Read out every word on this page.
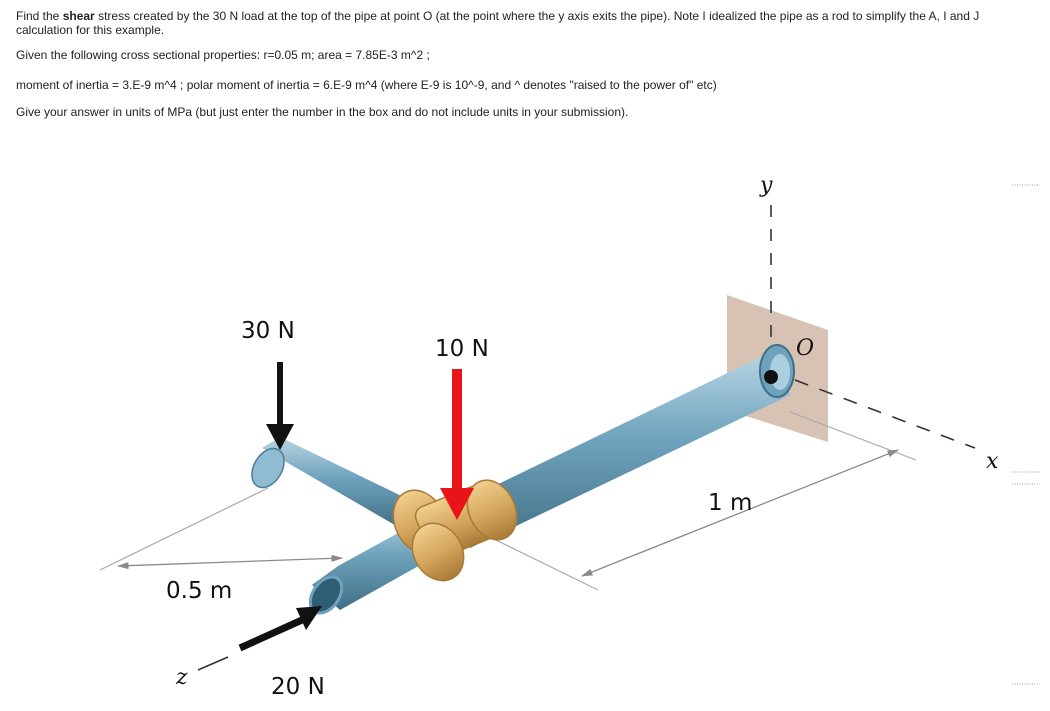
Find the shear stress created by the 30 N load at the top of the pipe at point O (at the point where the y axis exits the pipe). Note I idealized the pipe as a rod to simplify the A, I and J calculation for this example.
Given the following cross sectional properties: r=0.05 m; area = 7.85E-3 m^2 ;
moment of inertia = 3.E-9 m^4 ; polar moment of inertia = 6.E-9 m^4 (where E-9 is 10^-9, and ^ denotes "raised to the power of" etc)
Give your answer in units of MPa (but just enter the number in the box and do not include units in your submission).
30 N
10 N
20 N
0.5 m
1 m
y
x
z
O
